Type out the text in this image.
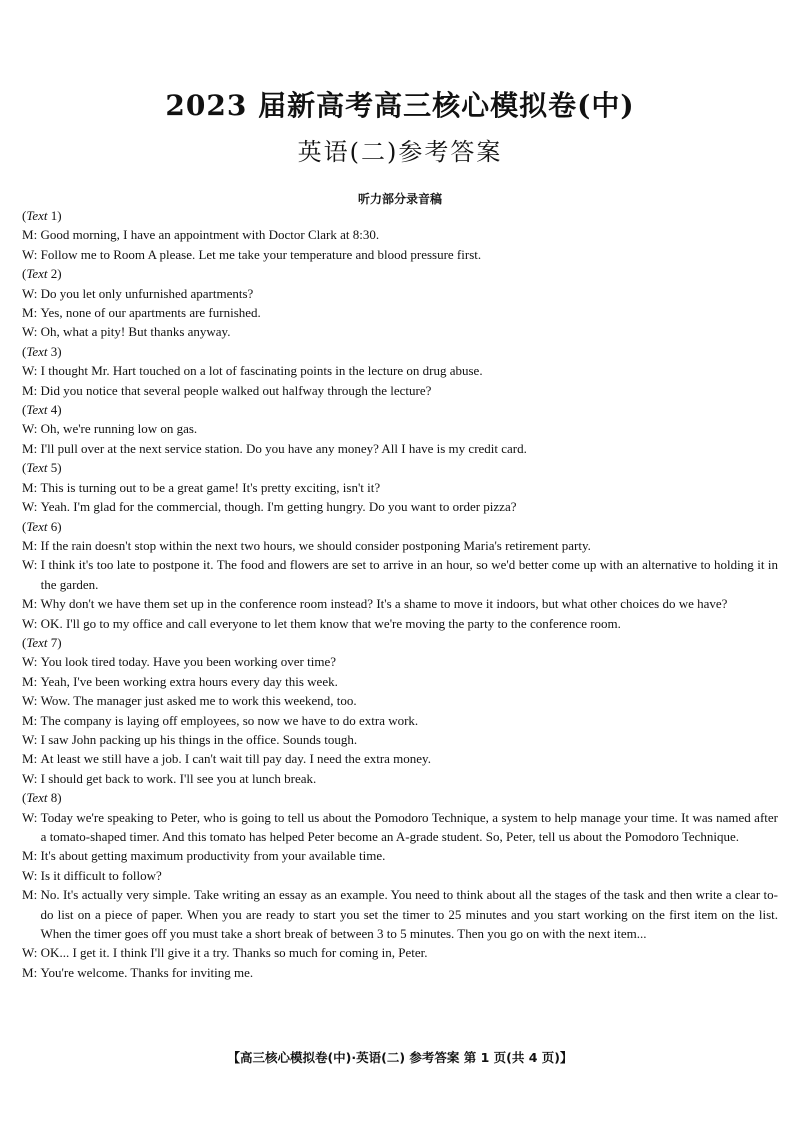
2023 届新高考高三核心模拟卷(中)
英语(二)参考答案
听力部分录音稿
(Text 1)
M: Good morning, I have an appointment with Doctor Clark at 8:30.
W: Follow me to Room A please. Let me take your temperature and blood pressure first.
(Text 2)
W: Do you let only unfurnished apartments?
M: Yes, none of our apartments are furnished.
W: Oh, what a pity! But thanks anyway.
(Text 3)
W: I thought Mr. Hart touched on a lot of fascinating points in the lecture on drug abuse.
M: Did you notice that several people walked out halfway through the lecture?
(Text 4)
W: Oh, we're running low on gas.
M: I'll pull over at the next service station. Do you have any money? All I have is my credit card.
(Text 5)
M: This is turning out to be a great game! It's pretty exciting, isn't it?
W: Yeah. I'm glad for the commercial, though. I'm getting hungry. Do you want to order pizza?
(Text 6)
M: If the rain doesn't stop within the next two hours, we should consider postponing Maria's retirement party.
W: I think it's too late to postpone it. The food and flowers are set to arrive in an hour, so we'd better come up with an alternative to holding it in the garden.
M: Why don't we have them set up in the conference room instead? It's a shame to move it indoors, but what other choices do we have?
W: OK. I'll go to my office and call everyone to let them know that we're moving the party to the conference room.
(Text 7)
W: You look tired today. Have you been working over time?
M: Yeah, I've been working extra hours every day this week.
W: Wow. The manager just asked me to work this weekend, too.
M: The company is laying off employees, so now we have to do extra work.
W: I saw John packing up his things in the office. Sounds tough.
M: At least we still have a job. I can't wait till pay day. I need the extra money.
W: I should get back to work. I'll see you at lunch break.
(Text 8)
W: Today we're speaking to Peter, who is going to tell us about the Pomodoro Technique, a system to help manage your time. It was named after a tomato-shaped timer. And this tomato has helped Peter become an A-grade student. So, Peter, tell us about the Pomodoro Technique.
M: It's about getting maximum productivity from your available time.
W: Is it difficult to follow?
M: No. It's actually very simple. Take writing an essay as an example. You need to think about all the stages of the task and then write a clear to-do list on a piece of paper. When you are ready to start you set the timer to 25 minutes and you start working on the first item on the list. When the timer goes off you must take a short break of between 3 to 5 minutes. Then you go on with the next item...
W: OK... I get it. I think I'll give it a try. Thanks so much for coming in, Peter.
M: You're welcome. Thanks for inviting me.
【高三核心模拟卷(中)·英语(二) 参考答案 第 1 页(共 4 页)】
